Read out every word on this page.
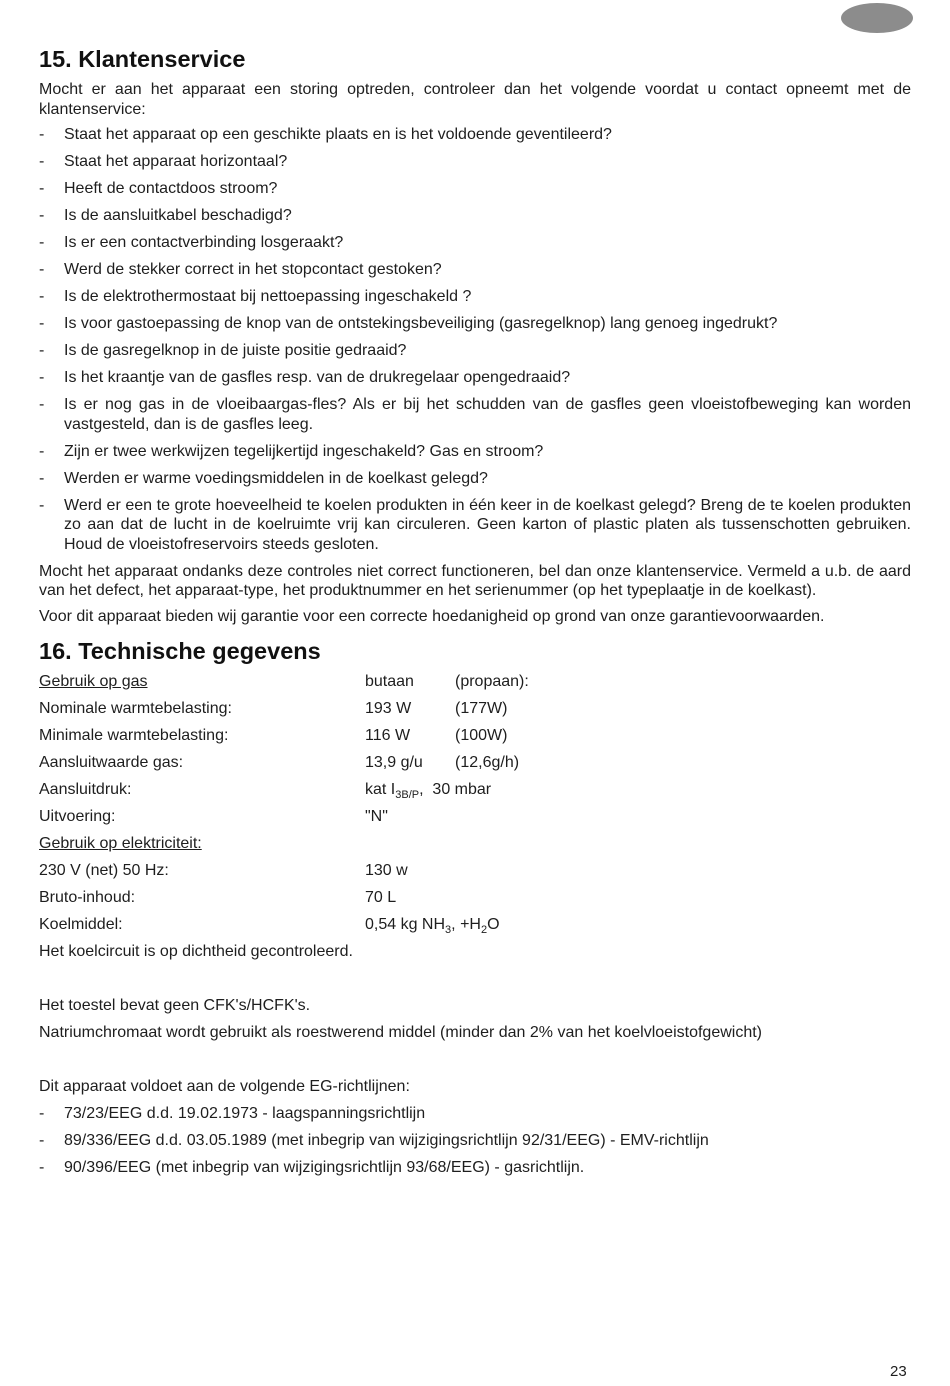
15. Klantenservice

Mocht er aan het apparaat een storing optreden, controleer dan het volgende voordat u contact opneemt met de klantenservice:

- Staat het apparaat op een geschikte plaats en is het voldoende geventileerd?
- Staat het apparaat horizontaal?
- Heeft de contactdoos stroom?
- Is de aansluitkabel beschadigd?
- Is er een contactverbinding losgeraakt?
- Werd de stekker correct in het stopcontact gestoken?
- Is de elektrothermostaat bij nettoepassing ingeschakeld ?
- Is voor gastoepassing de knop van de ontstekingsbeveiliging (gasregelknop) lang genoeg ingedrukt?
- Is de gasregelknop in de juiste positie gedraaid?
- Is het kraantje van de gasfles resp. van de drukregelaar opengedraaid?
- Is er nog gas in de vloeibaargas-fles? Als er bij het schudden van de gasfles geen vloeistofbeweging kan worden vastgesteld, dan is de gasfles leeg.
- Zijn er twee werkwijzen tegelijkertijd ingeschakeld? Gas en stroom?
- Werden er warme voedingsmiddelen in de koelkast gelegd?
- Werd er een te grote hoeveelheid te koelen produkten in één keer in de koelkast gelegd? Breng de te koelen produkten zo aan dat de lucht in de koelruimte vrij kan circuleren. Geen karton of plastic platen als tussenschotten gebruiken. Houd de vloeistofreservoirs steeds gesloten.

Mocht het apparaat ondanks deze controles niet correct functioneren, bel dan onze klantenservice. Vermeld a u.b. de aard van het defect, het apparaat-type, het produktnummer en het serienummer (op het typeplaatje in de koelkast).

Voor dit apparaat bieden wij garantie voor een correcte hoedanigheid op grond van onze garantievoorwaarden.

16. Technische gegevens
Gebruik op gas	butaan	(propaan):
Nominale warmtebelasting:	193 W	(177W)
Minimale warmtebelasting:	116 W	(100W)
Aansluitwaarde gas:	13,9 g/u	(12,6g/h)
Aansluitdruk:	kat $I_{3B/P}$,  30 mbar	
Uitvoering:	"N"	
Gebruik op elektriciteit:		
230 V (net) 50 Hz:	130 w	
Bruto-inhoud:	70 L	
Koelmiddel:	0,54 kg $NH_3$, $+H_2O$	
Het koelcircuit is op dichtheid gecontroleerd.
Het toestel bevat geen CFK's/HCFK's.
Natriumchromaat wordt gebruikt als roestwerend middel (minder dan 2% van het koelvloeistofgewicht)
Dit apparaat voldoet aan de volgende EG-richtlijnen:
- 73/23/EEG d.d. 19.02.1973 - laagspanningsrichtlijn
- 89/336/EEG d.d. 03.05.1989 (met inbegrip van wijzigingsrichtlijn 92/31/EEG) - EMV-richtlijn
- 90/396/EEG (met inbegrip van wijzigingsrichtlijn 93/68/EEG) - gasrichtlijn.
23
